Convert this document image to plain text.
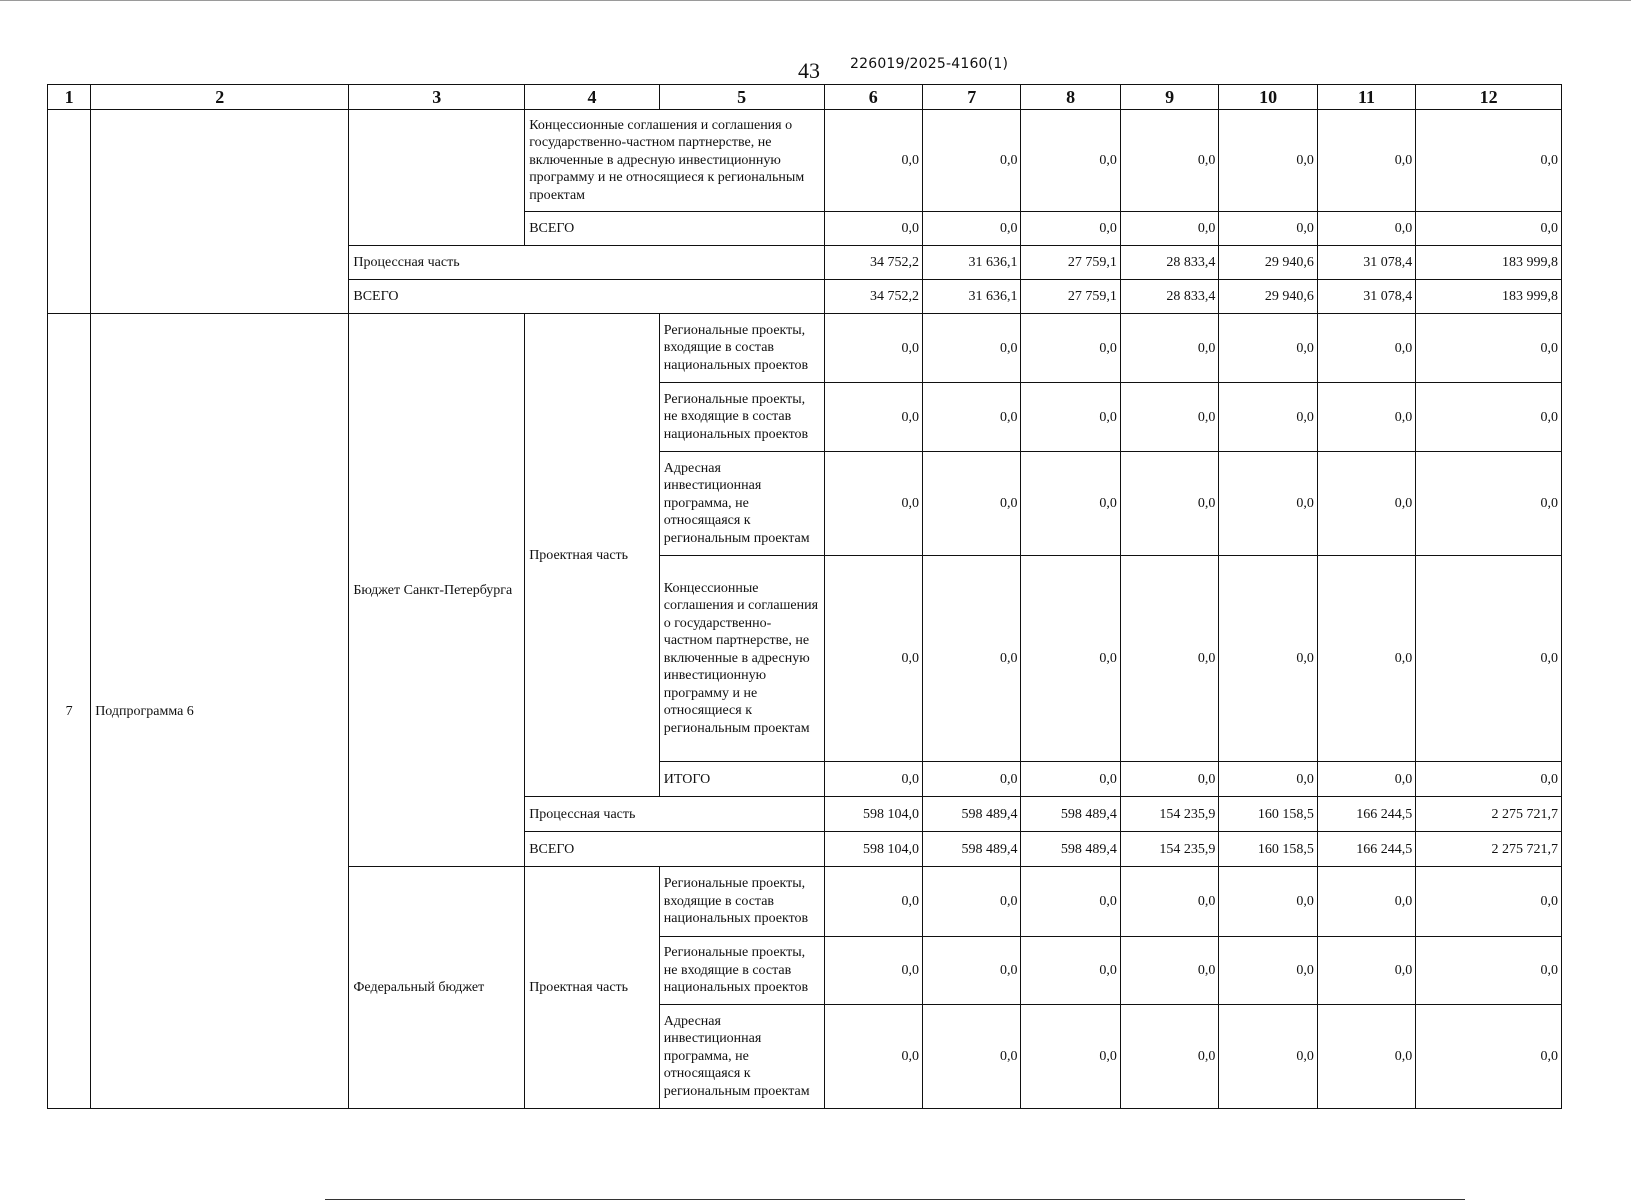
43 226019/2025-4160(1)
1	2	3	4	5	6	7	8	9	10	11	12
			Концессионные соглашения и соглашения о государственно-частном партнерстве, не включенные в адресную инвестиционную программу и не относящиеся к региональным проектам		0,0	0,0	0,0	0,0	0,0	0,0	0,0
			ВСЕГО		0,0	0,0	0,0	0,0	0,0	0,0	0,0
		Процессная часть			34 752,2	31 636,1	27 759,1	28 833,4	29 940,6	31 078,4	183 999,8
		ВСЕГО			34 752,2	31 636,1	27 759,1	28 833,4	29 940,6	31 078,4	183 999,8
7	Подпрограмма 6	Бюджет Санкт-Петербурга	Проектная часть	Региональные проекты, входящие в состав национальных проектов	0,0	0,0	0,0	0,0	0,0	0,0	0,0
				Региональные проекты, не входящие в состав национальных проектов	0,0	0,0	0,0	0,0	0,0	0,0	0,0
				Адресная инвестиционная программа, не относящаяся к региональным проектам	0,0	0,0	0,0	0,0	0,0	0,0	0,0
				Концессионные соглашения и соглашения о государственно-частном партнерстве, не включенные в адресную инвестиционную программу и не относящиеся к региональным проектам	0,0	0,0	0,0	0,0	0,0	0,0	0,0
				ИТОГО	0,0	0,0	0,0	0,0	0,0	0,0	0,0
			Процессная часть		598 104,0	598 489,4	598 489,4	154 235,9	160 158,5	166 244,5	2 275 721,7
			ВСЕГО		598 104,0	598 489,4	598 489,4	154 235,9	160 158,5	166 244,5	2 275 721,7
		Федеральный бюджет	Проектная часть	Региональные проекты, входящие в состав национальных проектов	0,0	0,0	0,0	0,0	0,0	0,0	0,0
				Региональные проекты, не входящие в состав национальных проектов	0,0	0,0	0,0	0,0	0,0	0,0	0,0
				Адресная инвестиционная программа, не относящаяся к региональным проектам	0,0	0,0	0,0	0,0	0,0	0,0	0,0
